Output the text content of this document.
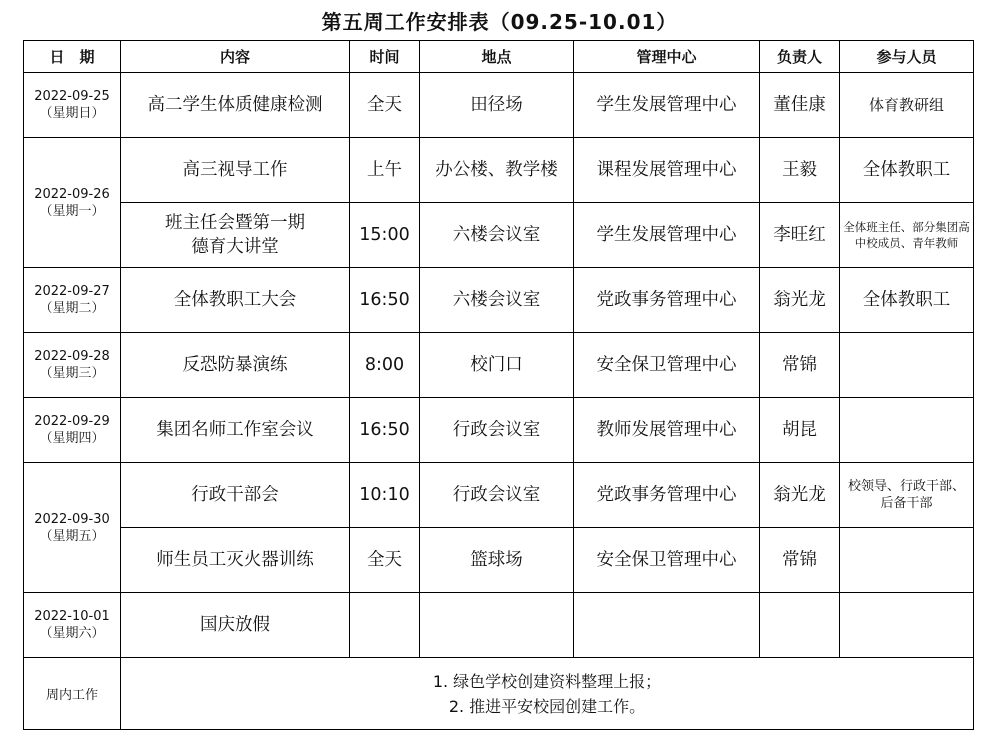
第五周工作安排表（09.25-10.01）
日　期	内容	时间	地点	管理中心	负责人	参与人员

2022-09-25
（星期日）	高二学生体质健康检测	全天	田径场	学生发展管理中心	董佳康	体育教研组

2022-09-26
（星期一）	高三视导工作	上午	办公楼、教学楼	课程发展管理中心	王毅	全体教职工

	班主任会暨第一期
德育大讲堂	15:00	六楼会议室	学生发展管理中心	李旺红	全体班主任、部分集团高中校成员、青年教师

2022-09-27
（星期二）	全体教职工大会	16:50	六楼会议室	党政事务管理中心	翁光龙	全体教职工

2022-09-28
（星期三）	反恐防暴演练	8:00	校门口	安全保卫管理中心	常锦	

2022-09-29
（星期四）	集团名师工作室会议	16:50	行政会议室	教师发展管理中心	胡昆	

2022-09-30
（星期五）	行政干部会	10:10	行政会议室	党政事务管理中心	翁光龙	校领导、行政干部、后备干部
	师生员工灭火器训练	全天	篮球场	安全保卫管理中心	常锦	

2022-10-01
（星期六）	国庆放假					
周内工作	1. 绿色学校创建资料整理上报；
2. 推进平安校园创建工作。					
